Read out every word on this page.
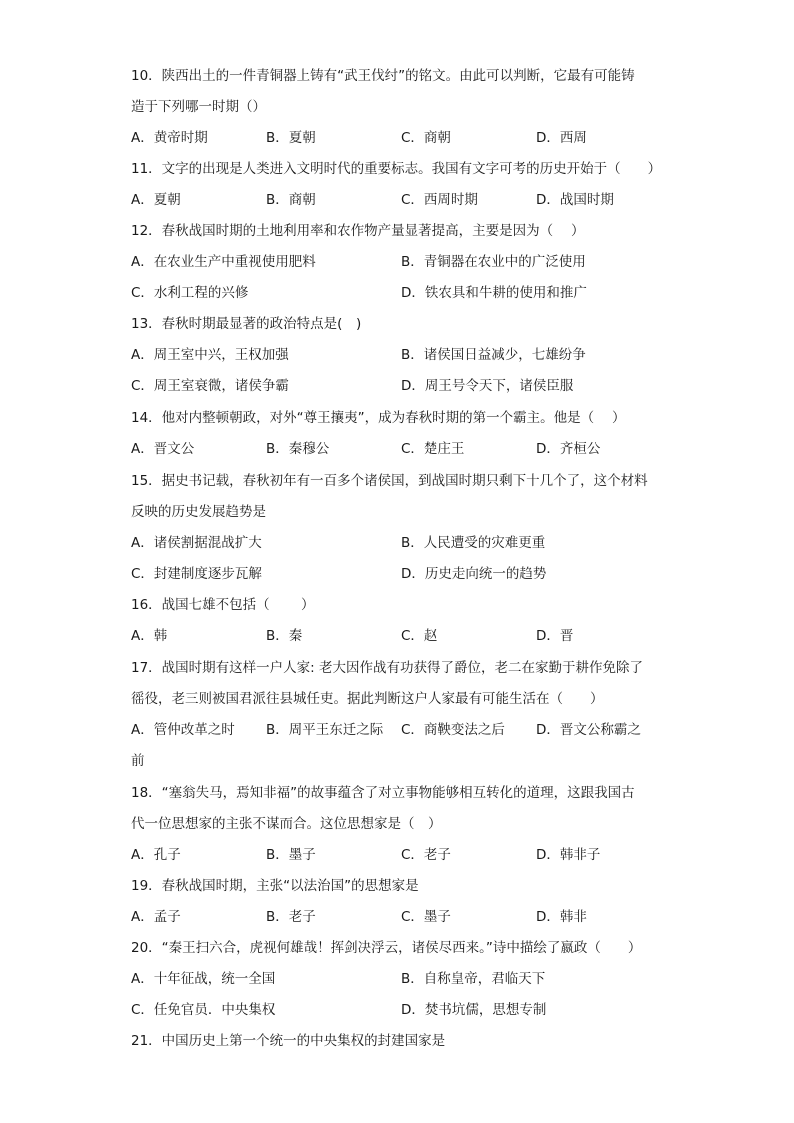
10．陕西出土的一件青铜器上铸有“武王伐纣”的铭文。由此可以判断，它最有可能铸
造于下列哪一时期（）
A．黄帝时期	B．夏朝	C．商朝	D．西周
11．文字的出现是人类进入文明时代的重要标志。我国有文字可考的历史开始于（　　）
A．夏朝	B．商朝	C．西周时期	D．战国时期
12．春秋战国时期的土地利用率和农作物产量显著提高，主要是因为（　 ）
A．在农业生产中重视使用肥料	B．青铜器在农业中的广泛使用
C．水利工程的兴修	D．铁农具和牛耕的使用和推广
13．春秋时期最显著的政治特点是(　)
A．周王室中兴，王权加强	B．诸侯国日益减少，七雄纷争
C．周王室衰微，诸侯争霸	D．周王号令天下，诸侯臣服
14．他对内整顿朝政，对外“尊王攘夷”，成为春秋时期的第一个霸主。他是（　 ）
A．晋文公	B．秦穆公	C．楚庄王	D．齐桓公
15．据史书记载，春秋初年有一百多个诸侯国，到战国时期只剩下十几个了，这个材料
反映的历史发展趋势是
A．诸侯割据混战扩大	B．人民遭受的灾难更重
C．封建制度逐步瓦解	D．历史走向统一的趋势
16．战国七雄不包括（　　 ）
A．韩	B．秦	C．赵	D．晋
17．战国时期有这样一户人家: 老大因作战有功获得了爵位，老二在家勤于耕作免除了
徭役，老三则被国君派往县城任吏。据此判断这户人家最有可能生活在（　　）
A．管仲改革之时	B．周平王东迁之际	C．商鞅变法之后	D．晋文公称霸之
前
18．“塞翁失马，焉知非福”的故事蕴含了对立事物能够相互转化的道理，这跟我国古
代一位思想家的主张不谋而合。这位思想家是（　）
A．孔子	B．墨子	C．老子	D．韩非子
19．春秋战国时期，主张“以法治国”的思想家是
A．孟子	B．老子	C．墨子	D．韩非
20．“秦王扫六合，虎视何雄哉！挥剑决浮云，诸侯尽西来。”诗中描绘了嬴政（　　）
A．十年征战，统一全国	B．自称皇帝，君临天下
C．任免官员．中央集权	D．焚书坑儒，思想专制
21．中国历史上第一个统一的中央集权的封建国家是
